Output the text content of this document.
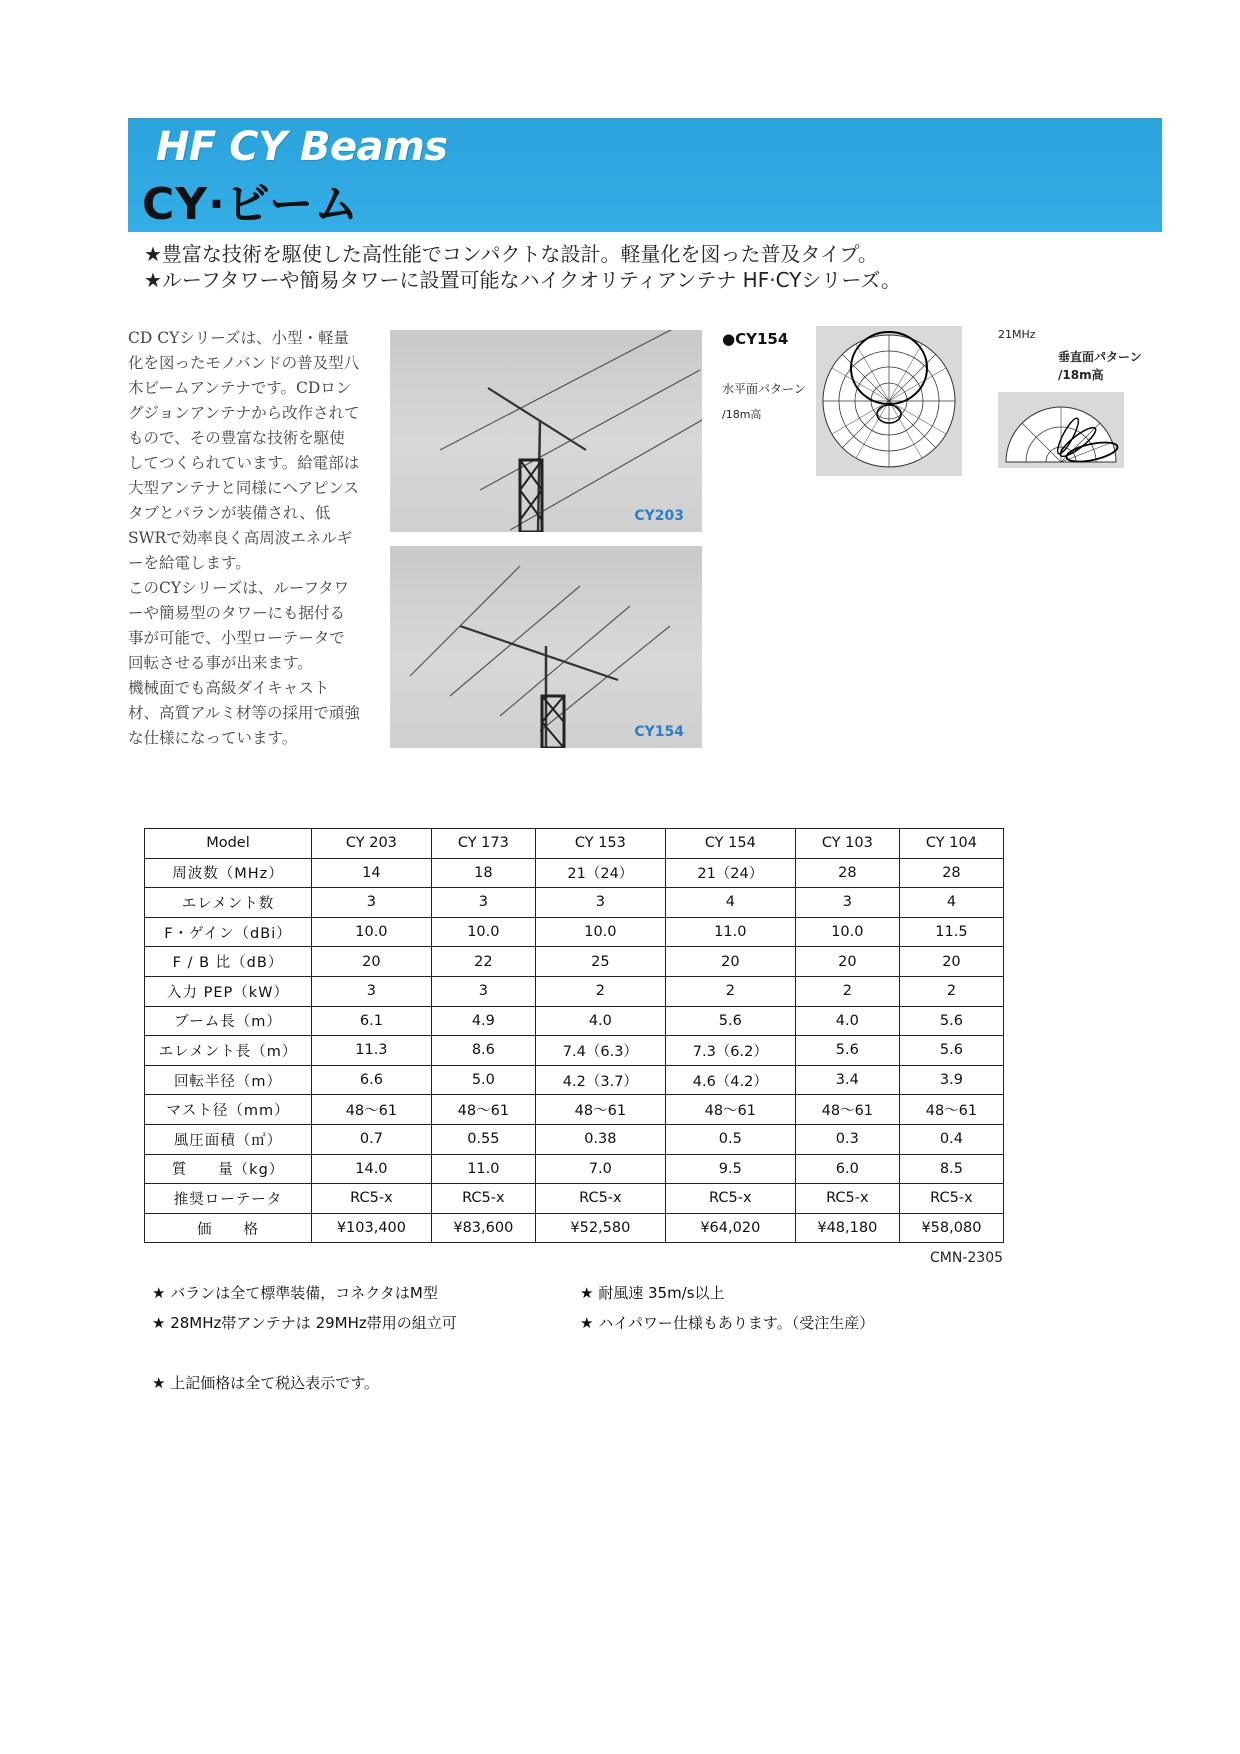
HF CY Beams
CY·ビーム
★豊富な技術を駆使した高性能でコンパクトな設計。軽量化を図った普及タイプ。
★ルーフタワーや簡易タワーに設置可能なハイクオリティアンテナ HF·CYシリーズ。

CD CYシリーズは、小型・軽量化を図ったモノバンドの普及型八木ビームアンテナです。CDロングジョンアンテナから改作されてもので、その豊富な技術を駆使してつくられています。給電部は大型アンテナと同様にヘアピンスタブとバランが装備され、低SWRで効率良く高周波エネルギーを給電します。

このCYシリーズは、ルーフタワーや簡易型のタワーにも据付る事が可能で、小型ローテータで回転させる事が出来ます。

機械面でも高級ダイキャスト材、高質アルミ材等の採用で頑強な仕様になっています。

CY203
CY154
●CY154
水平面パターン
/18m高
21MHz
垂直面パターン
/18m高
Model	CY 203	CY 173	CY 153	CY 154	CY 103	CY 104
周波数（MHz）	14	18	21（24）	21（24）	28	28
エレメント数	3	3	3	4	3	4
F・ゲイン（dBi）	10.0	10.0	10.0	11.0	10.0	11.5
F / B 比（dB）	20	22	25	20	20	20
入力 PEP（kW）	3	3	2	2	2	2
ブーム長（m）	6.1	4.9	4.0	5.6	4.0	5.6
エレメント長（m）	11.3	8.6	7.4（6.3）	7.3（6.2）	5.6	5.6
回転半径（m）	6.6	5.0	4.2（3.7）	4.6（4.2）	3.4	3.9
マスト径（mm）	48〜61	48〜61	48〜61	48〜61	48〜61	48〜61
風圧面積（㎡）	0.7	0.55	0.38	0.5	0.3	0.4
質　　量（kg）	14.0	11.0	7.0	9.5	6.0	8.5
推奨ローテータ	RC5-x	RC5-x	RC5-x	RC5-x	RC5-x	RC5-x
価　　格	¥103,400	¥83,600	¥52,580	¥64,020	¥48,180	¥58,080
CMN-2305
★ バランは全て標準装備，コネクタはM型
★ 28MHz帯アンテナは 29MHz帯用の組立可
★ 耐風速 35m/s以上
★ ハイパワー仕様もあります。（受注生産）
★ 上記価格は全て税込表示です。
